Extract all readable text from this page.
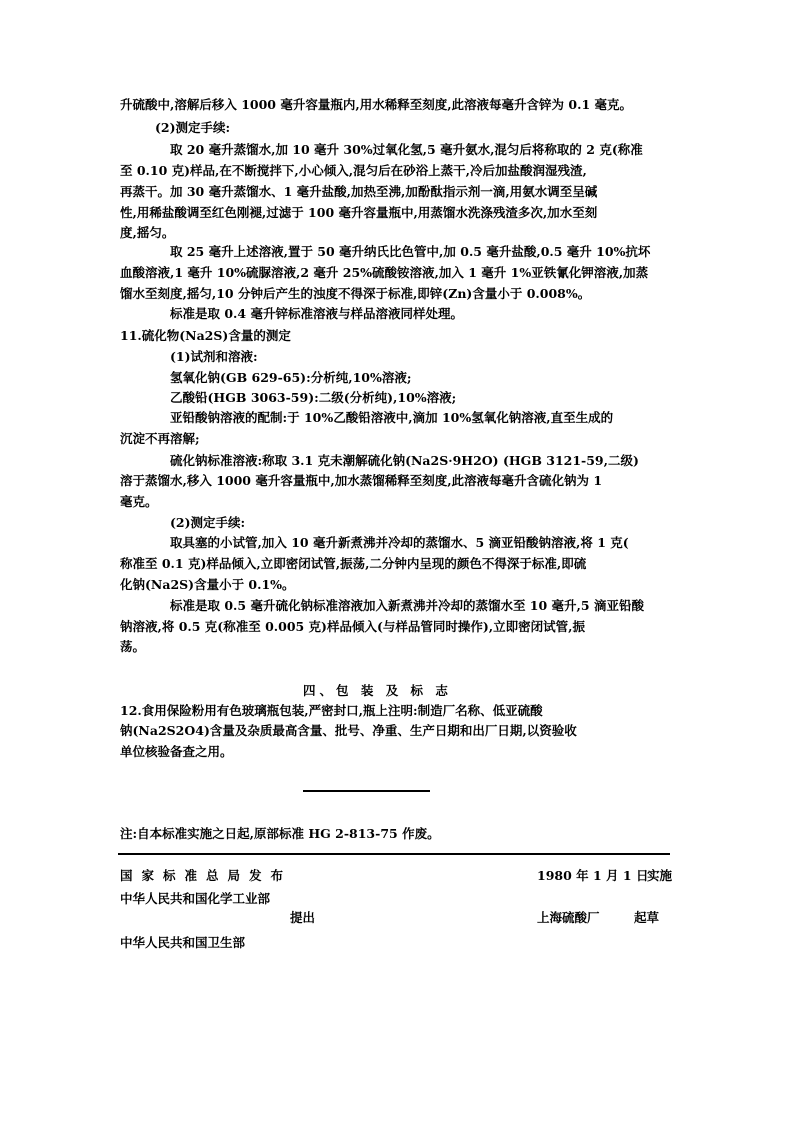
升硫酸中,溶解后移入 1000 毫升容量瓶内,用水稀释至刻度,此溶液每毫升含锌为 0.1 毫克。
(2)测定手续:
取 20 毫升蒸馏水,加 10 毫升 30%过氧化氢,5 毫升氨水,混匀后将称取的 2 克(称准
至 0.10 克)样品,在不断搅拌下,小心倾入,混匀后在砂浴上蒸干,冷后加盐酸润湿残渣,
再蒸干。加 30 毫升蒸馏水、1 毫升盐酸,加热至沸,加酚酞指示剂一滴,用氨水调至呈碱
性,用稀盐酸调至红色刚褪,过滤于 100 毫升容量瓶中,用蒸馏水洗涤残渣多次,加水至刻
度,摇匀。
取 25 毫升上述溶液,置于 50 毫升纳氏比色管中,加 0.5 毫升盐酸,0.5 毫升 10%抗坏
血酸溶液,1 毫升 10%硫脲溶液,2 毫升 25%硫酸铵溶液,加入 1 毫升 1%亚铁氰化钾溶液,加蒸
馏水至刻度,摇匀,10 分钟后产生的浊度不得深于标准,即锌(Zn)含量小于 0.008%。
标准是取 0.4 毫升锌标准溶液与样品溶液同样处理。
11.硫化物(Na2S)含量的测定
(1)试剂和溶液:
氢氧化钠(GB 629-65):分析纯,10%溶液;
乙酸铅(HGB 3063-59):二级(分析纯),10%溶液;
亚铅酸钠溶液的配制:于 10%乙酸铅溶液中,滴加 10%氢氧化钠溶液,直至生成的
沉淀不再溶解;
硫化钠标准溶液:称取 3.1 克未潮解硫化钠(Na2S·9H2O) (HGB 3121-59,二级)
溶于蒸馏水,移入 1000 毫升容量瓶中,加水蒸馏稀释至刻度,此溶液每毫升含硫化钠为 1
毫克。
(2)测定手续:
取具塞的小试管,加入 10 毫升新煮沸并冷却的蒸馏水、5 滴亚铅酸钠溶液,将 1 克(
称准至 0.1 克)样品倾入,立即密闭试管,振荡,二分钟内呈现的颜色不得深于标准,即硫
化钠(Na2S)含量小于 0.1%。
标准是取 0.5 毫升硫化钠标准溶液加入新煮沸并冷却的蒸馏水至 10 毫升,5 滴亚铅酸
钠溶液,将 0.5 克(称准至 0.005 克)样品倾入(与样品管同时操作),立即密闭试管,振
荡。
四、包 装 及 标 志
12.食用保险粉用有色玻璃瓶包装,严密封口,瓶上注明:制造厂名称、低亚硫酸
钠(Na2S2O4)含量及杂质最高含量、批号、净重、生产日期和出厂日期,以资验收
单位核验备查之用。
注:自本标准实施之日起,原部标准 HG 2-813-75 作废。
国家标准总局发布	1980 年 1 月 1 日
实施
中华人民共和国化学工业部
提出	上海硫酸厂	起草
中华人民共和国卫生部
